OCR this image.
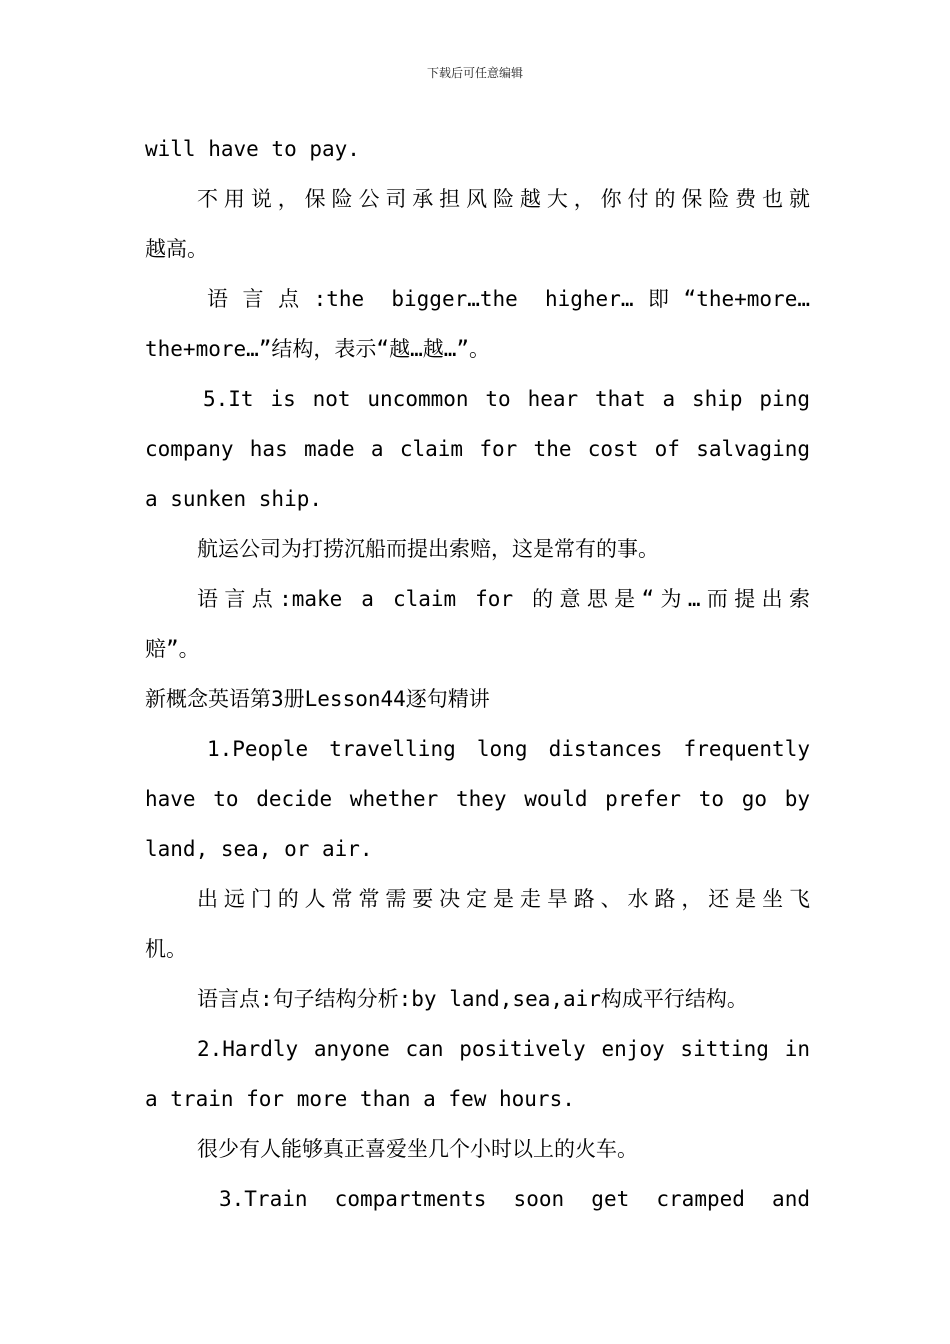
下载后可任意编辑
will have to pay.
不用说，保险公司承担风险越大，你付的保险费也就
越高。
语言点:the bigger…the higher…即“the+more…
the+more…”结构，表示“越…越…”。
5.It is not uncommon to hear that a ship ping
company has made a claim for the cost of salvaging
a sunken ship.
航运公司为打捞沉船而提出索赔，这是常有的事。
语言点:make a claim for 的意思是“为…而提出索
赔”。
新概念英语第3册Lesson44逐句精讲
1.People travelling long distances frequently
have to decide whether they would prefer to go by
land, sea, or air.
出远门的人常常需要决定是走旱路、水路，还是坐飞
机。
语言点:句子结构分析:by land,sea,air构成平行结构。
2.Hardly anyone can positively enjoy sitting in
a train for more than a few hours.
很少有人能够真正喜爱坐几个小时以上的火车。
3.Train compartments soon get cramped and
